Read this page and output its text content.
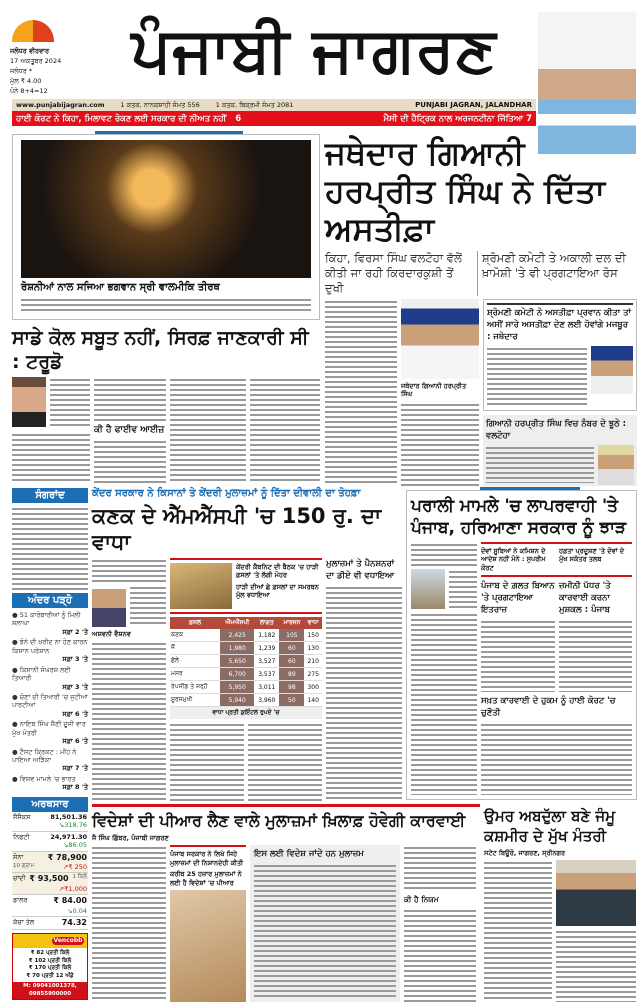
ਜਲੰਧਰ ਵੀਰਵਾਰ
17 ਅਕਤੂਬਰ 2024
ਜਲੰਧਰ *
ਮੁੱਲ ₹ 4.00
ਪੰਨੇ 8+4=12
ਪੰਜਾਬੀ ਜਾਗਰਣ
www.punjabijagran.com 1 ਕਤਕ, ਨਾਨਕਸ਼ਾਹੀ ਸੰਮਤ 556 1 ਕਤਕ, ਬਿਕ੍ਰਮੀ ਸੰਮਤ 2081	PUNJABI JAGRAN, JALANDHAR
ਹਾਈ ਕੋਰਟ ਨੇ ਕਿਹਾ, ਮਿਲਾਵਟ ਰੋਕਣ ਲਈ ਸਰਕਾਰ ਦੀ ਨੀਅਤ ਨਹੀਂ 6	ਮੈਸੀ ਦੀ ਹੈਟ੍ਰਿਕ ਨਾਲ ਅਰਜਨਟੀਨਾ ਜਿੱਤਿਆ 7
ਰੋਸ਼ਨੀਆਂ ਨਾਲ ਸਜਿਆ ਭਗਵਾਨ ਸ੍ਰੀ ਵਾਲਮੀਕਿ ਤੀਰਥ
ਜਥੇਦਾਰ ਗਿਆਨੀ ਹਰਪ੍ਰੀਤ ਸਿੰਘ ਨੇ ਦਿੱਤਾ ਅਸਤੀਫ਼ਾ
ਕਿਹਾ, ਵਿਰਸਾ ਸਿੰਘ ਵਲਟੋਹਾ ਵੱਲੋਂ ਕੀਤੀ ਜਾ ਰਹੀ ਕਿਰਦਾਰਕੁਸ਼ੀ ਤੋਂ ਦੁਖੀ
ਸ਼੍ਰੋਮਣੀ ਕਮੇਟੀ ਤੇ ਅਕਾਲੀ ਦਲ ਦੀ ਖ਼ਾਮੋਸ਼ੀ 'ਤੇ ਵੀ ਪ੍ਰਗਟਾਇਆ ਰੋਸ
ਜਥੇਦਾਰ ਗਿਆਨੀ ਹਰਪ੍ਰੀਤ ਸਿੰਘ
ਸ਼੍ਰੋਮਣੀ ਕਮੇਟੀ ਨੇ ਅਸਤੀਫ਼ਾ ਪ੍ਰਵਾਨ ਕੀਤਾ ਤਾਂ ਅਸੀਂ ਸਾਰੇ ਅਸਤੀਫ਼ਾ ਦੇਣ ਲਈ ਹੋਵਾਂਗੇ ਮਜਬੂਰ : ਜਥੇਦਾਰ
ਗਿਆਨੀ ਹਰਪ੍ਰੀਤ ਸਿੰਘ ਵਿਚ ਨੰਬਰ ਦੇ ਝੂਠੇ : ਵਲਟੋਹਾ
ਸਾਡੇ ਕੋਲ ਸਬੂਤ ਨਹੀਂ, ਸਿਰਫ਼ ਜਾਣਕਾਰੀ ਸੀ : ਟਰੂਡੋ
ਕੀ ਹੈ ਫਾਈਵ ਆਈਜ਼
ਸੰਗਰਾਂਦ
ਅੰਦਰ ਪੜ੍ਹੋ
● 51 ਕਾਰੋਬਾਰੀਆਂ ਨੂੰ ਮਿਲੀ ਸ਼ਲਾਘਾ
ਸਫ਼ਾ 2 'ਤੇ
● ਝੋਨੇ ਦੀ ਖ਼ਰੀਦ ਨਾ ਹੋਣ ਕਾਰਨ ਕਿਸਾਨ ਪਰੇਸ਼ਾਨ
ਸਫ਼ਾ 3 'ਤੇ
● ਕਿਸਾਨੀ ਸੰਘਰਸ਼ ਲਈ ਤਿਆਰੀ
ਸਫ਼ਾ 3 'ਤੇ
● ਚੋਣਾਂ ਦੀ ਤਿਆਰੀ 'ਚ ਜੁਟੀਆਂ ਪਾਰਟੀਆਂ
ਸਫ਼ਾ 6 'ਤੇ
● ਨਾਇਬ ਸਿੰਘ ਸੈਣੀ ਦੂਜੀ ਵਾਰ ਮੁੱਖ ਮੰਤਰੀ
ਸਫ਼ਾ 6 'ਤੇ
● ਟੈਸਟ ਕ੍ਰਿਕਟ : ਮੀਂਹ ਨੇ ਪਾਇਆ ਅੜਿੱਕਾ
ਸਫ਼ਾ 7 'ਤੇ
● ਵਿਸ਼ਵ ਮਾਮਲੇ 'ਚ ਭਾਰਤ
ਸਫ਼ਾ 8 'ਤੇ
ਅਰਥਸਾਰ
ਸੈਂਸੈਕਸ	81,501.36
↘318.76
ਨਿਫਟੀ	24,971.30
↘86.05
ਸੋਨਾ	₹ 78,900
10 ਗ੍ਰਾਮ	↗₹ 250
ਚਾਂਦੀ ₹ 93,500 1 ਕਿਲੋ
↗₹1,000
ਡਾਲਰ	₹ 84.00
↘0.04
ਕੱਚਾ ਤੇਲ	74.32
Vencobb
₹ 82 ਪ੍ਰਤੀ ਕਿਲੋ
₹ 102 ਪ੍ਰਤੀ ਕਿਲੋ
₹ 170 ਪ੍ਰਤੀ ਕਿਲੋ
₹ 70 ਪ੍ਰਤੀ 12 ਅੰਡੇ
M: 09041001378, 09855900000
ਕੇਂਦਰ ਸਰਕਾਰ ਨੇ ਕਿਸਾਨਾਂ ਤੇ ਕੇਂਦਰੀ ਮੁਲਾਜ਼ਮਾਂ ਨੂੰ ਦਿੱਤਾ ਦੀਵਾਲੀ ਦਾ ਤੋਹਫ਼ਾ
ਕਣਕ ਦੇ ਐੱਮਐੱਸਪੀ 'ਚ 150 ਰੁ. ਦਾ ਵਾਧਾ
ਅਸ਼ਵਨੀ ਵੈਸ਼ਨਵ
ਕੇਂਦਰੀ ਕੈਬਨਿਟ ਦੀ ਬੈਠਕ 'ਚ ਹਾੜੀ ਫ਼ਸਲਾਂ 'ਤੇ ਲੱਗੀ ਮੋਹਰ
ਹਾੜੀ ਦੀਆਂ ਛੇ ਫ਼ਸਲਾਂ ਦਾ ਸਮਰਥਨ ਮੁੱਲ ਵਧਾਇਆ
ਫ਼ਸਲ	ਐੱਮਐੱਸਪੀ	ਲਾਗਤ	ਮਾਰਜਨ	ਵਾਧਾ
ਕਣਕ	2,425	1,182	105	150
ਜੌਂ	1,980	1,239	60	130
ਛੋਲੇ	5,650	3,527	60	210
ਮਸਰ	6,700	3,537	89	275
ਰੇਪਸੀਡ ਤੇ ਸਰ੍ਹੋਂ	5,950	3,011	98	300
ਸੂਰਜਮੁਖੀ	5,940	3,960	50	140
ਵਾਧਾ ਪ੍ਰਤੀ ਕੁਇੰਟਲ ਰੁਪਏ 'ਚ
ਮੁਲਾਜ਼ਮਾਂ ਤੇ ਪੈਨਸ਼ਨਰਾਂ ਦਾ ਡੀਏ ਵੀ ਵਧਾਇਆ
ਪਰਾਲੀ ਮਾਮਲੇ 'ਚ ਲਾਪਰਵਾਹੀ 'ਤੇ ਪੰਜਾਬ, ਹਰਿਆਣਾ ਸਰਕਾਰ ਨੂੰ ਝਾੜ
ਦੋਵਾਂ ਸੂਬਿਆਂ ਨੇ ਕਮਿਸ਼ਨ ਦੇ ਆਦੇਸ਼ ਨਹੀਂ ਮੰਨੇ : ਸੁਪਰੀਮ ਕੋਰਟ
ਹਫ਼ਤਾ ਪ੍ਰਦੂਸ਼ਣ 'ਤੇ ਦੋਵਾਂ ਦੇ ਮੁੱਖ ਸਕੱਤਰ ਤਲਬ
ਪੰਜਾਬ ਦੇ ਗ਼ਲਤ ਬਿਆਨ 'ਤੇ ਪ੍ਰਗਟਾਇਆ ਇਤਰਾਜ਼
ਜ਼ਮੀਨੀ ਪੱਧਰ 'ਤੇ ਕਾਰਵਾਈ ਕਰਨਾ ਮੁਸ਼ਕਲ : ਪੰਜਾਬ
ਸਖ਼ਤ ਕਾਰਵਾਈ ਦੇ ਹੁਕਮ ਨੂੰ ਹਾਈ ਕੋਰਟ 'ਚ ਚੁਣੌਤੀ
ਵਿਦੇਸ਼ਾਂ ਦੀ ਪੀਆਰ ਲੈਣ ਵਾਲੇ ਮੁਲਾਜ਼ਮਾਂ ਖ਼ਿਲਾਫ਼ ਹੋਵੇਗੀ ਕਾਰਵਾਈ
ਜੈ ਸਿੰਘ ਛਿੱਬਰ, ਪੰਜਾਬੀ ਜਾਗਰਣ
ਪੰਜਾਬ ਸਰਕਾਰ ਨੇ ਲਿਖੇ ਜਿਹੇ ਮੁਲਾਜ਼ਮਾਂ ਦੀ ਨਿਸ਼ਾਨਦੇਹੀ ਕੀਤੀ
ਕਰੀਬ 25 ਹਜ਼ਾਰ ਮੁਲਾਜ਼ਮਾਂ ਨੇ ਲਈ ਹੈ ਵਿਦੇਸ਼ਾਂ 'ਚ ਪੀਆਰ
ਇਸ ਲਈ ਵਿਦੇਸ਼ ਜਾਂਦੇ ਹਨ ਮੁਲਾਜ਼ਮ
ਕੀ ਹੈ ਨਿਯਮ
ਉਮਰ ਅਬਦੁੱਲਾ ਬਣੇ ਜੰਮੂ ਕਸ਼ਮੀਰ ਦੇ ਮੁੱਖ ਮੰਤਰੀ
ਸਟੇਟ ਬਿਊਰੋ, ਜਾਗਰਣ, ਸ੍ਰੀਨਗਰ
